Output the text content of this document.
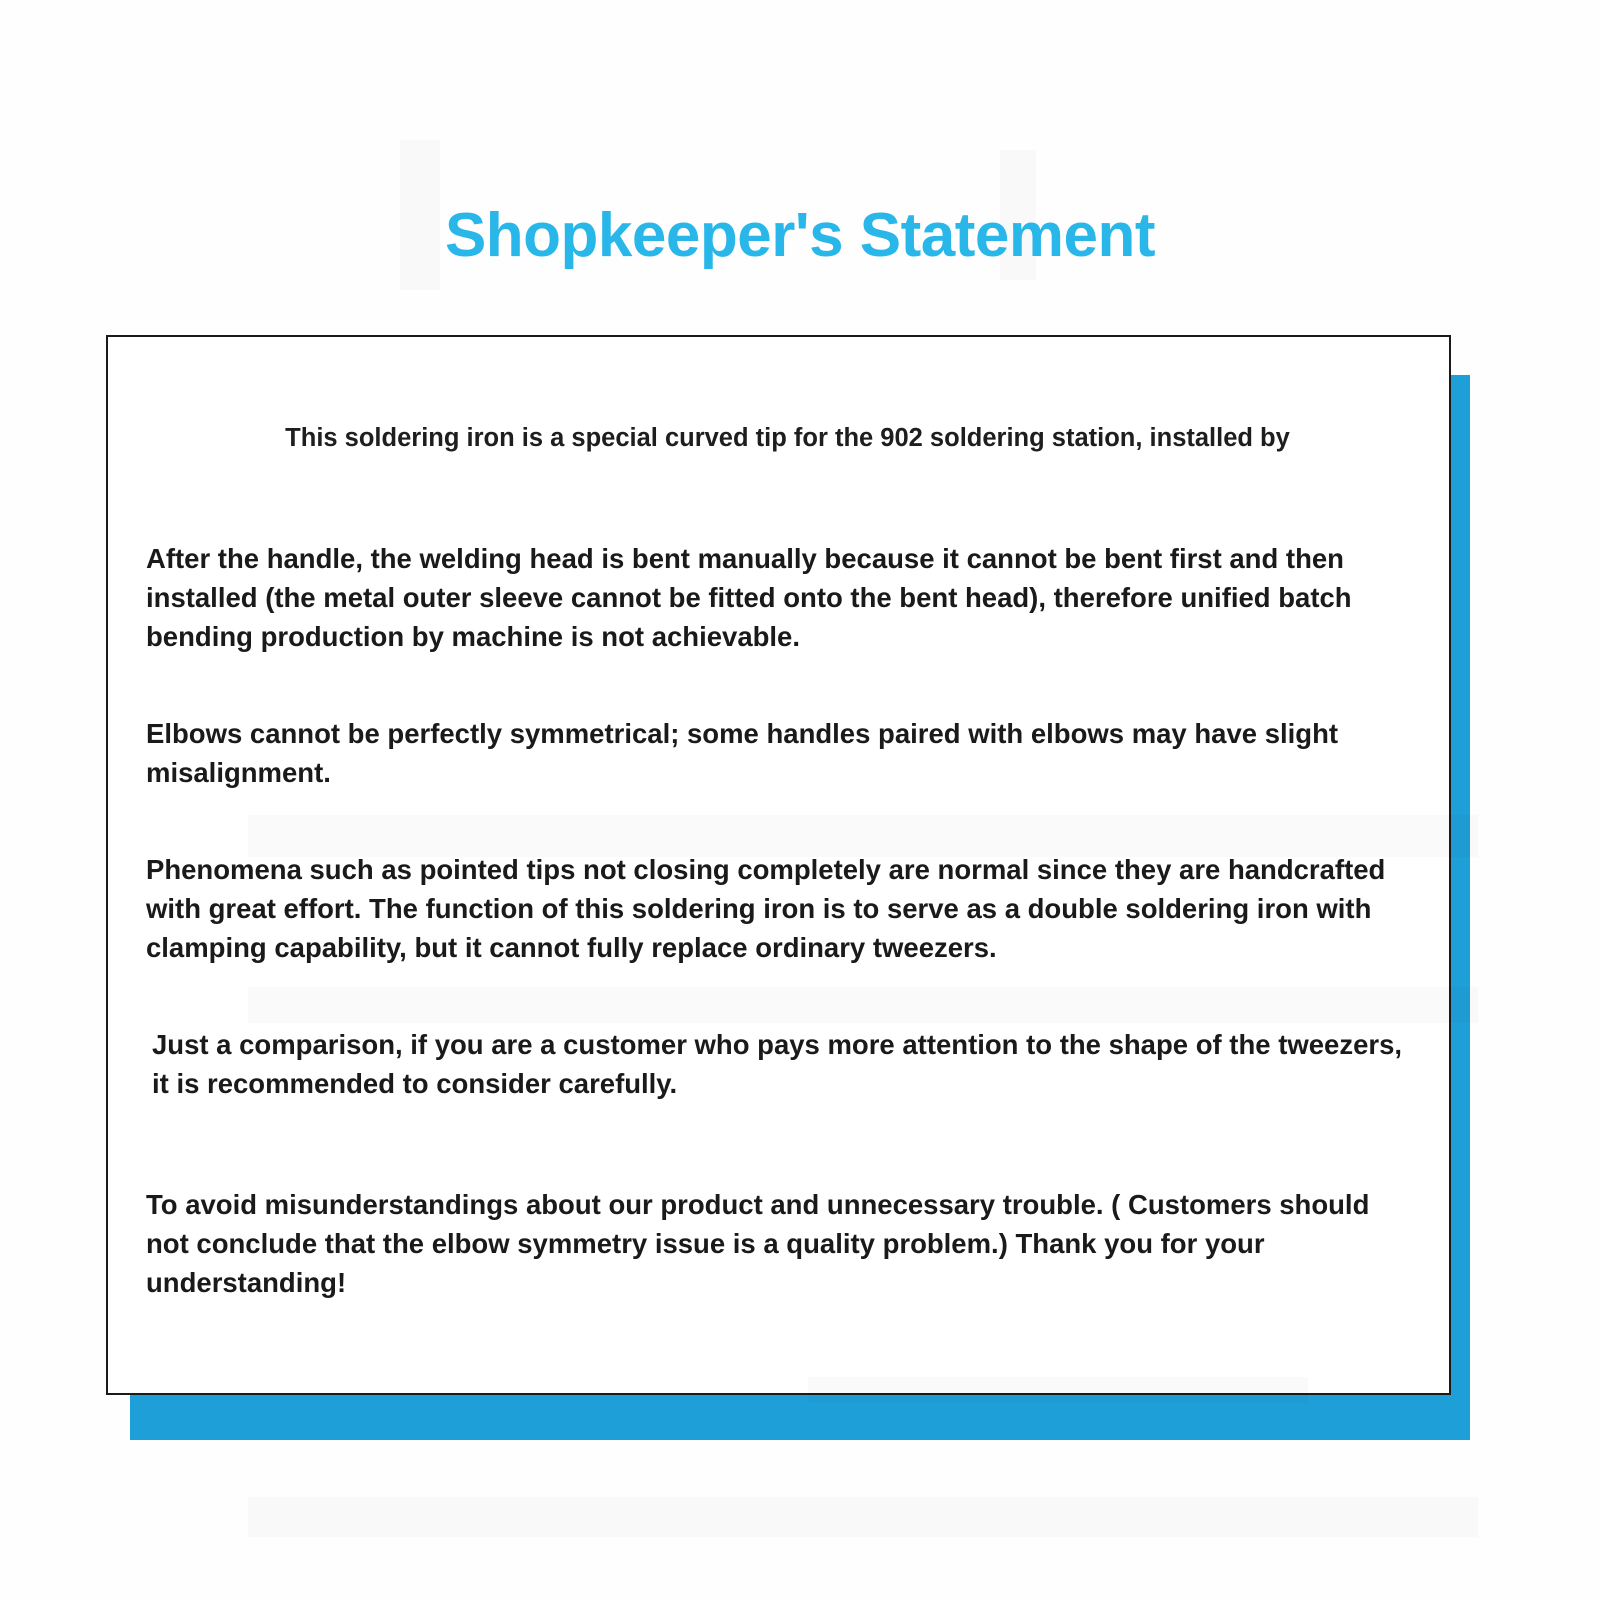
Shopkeeper's Statement

This soldering iron is a special curved tip for the 902 soldering station, installed by

After the handle, the welding head is bent manually because it cannot be bent first and then installed (the metal outer sleeve cannot be fitted onto the bent head), therefore unified batch bending production by machine is not achievable.

Elbows cannot be perfectly symmetrical; some handles paired with elbows may have slight misalignment.

Phenomena such as pointed tips not closing completely are normal since they are handcrafted with great effort. The function of this soldering iron is to serve as a double soldering iron with clamping capability, but it cannot fully replace ordinary tweezers.

Just a comparison, if you are a customer who pays more attention to the shape of the tweezers, it is recommended to consider carefully.

To avoid misunderstandings about our product and unnecessary trouble. ( Customers should not conclude that the elbow symmetry issue is a quality problem.) Thank you for your understanding!
